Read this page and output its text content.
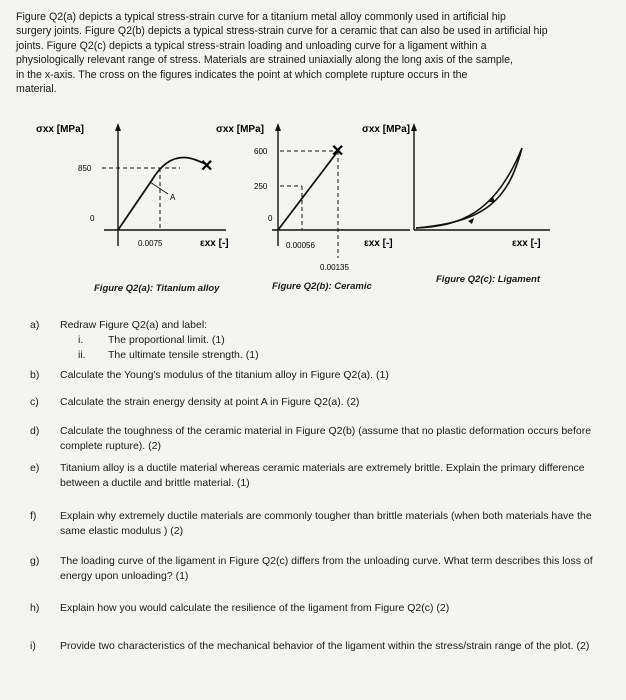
Figure Q2(a) depicts a typical stress-strain curve for a titanium metal alloy commonly used in artificial hip
surgery joints. Figure Q2(b) depicts a typical stress-strain curve for a ceramic that can also be used in artificial hip
joints. Figure Q2(c) depicts a typical stress-strain loading and unloading curve for a ligament within a
physiologically relevant range of stress. Materials are strained uniaxially along the long axis of the sample,
in the x-axis. The cross on the figures indicates the point at which complete rupture occurs in the
material.
σxx [MPa]
0
850	✕
A
0.0075	εxx [-]
Figure Q2(a): Titanium alloy
σxx [MPa]
0
600
250
✕
0.00056
0.00135
εxx [-]
Figure Q2(b): Ceramic
σxx [MPa]
εxx [-]
Figure Q2(c): Ligament
a) Redraw Figure Q2(a) and label:
i. The proportional limit. (1)
ii. The ultimate tensile strength. (1)
b) Calculate the Young's modulus of the titanium alloy in Figure Q2(a). (1)
c) Calculate the strain energy density at point A in Figure Q2(a). (2)
d) Calculate the toughness of the ceramic material in Figure Q2(b) (assume that no plastic deformation occurs before complete rupture). (2)
e) Titanium alloy is a ductile material whereas ceramic materials are extremely brittle. Explain the primary difference between a ductile and brittle material. (1)
f) Explain why extremely ductile materials are commonly tougher than brittle materials (when both materials have the same elastic modulus ) (2)
g) The loading curve of the ligament in Figure Q2(c) differs from the unloading curve. What term describes this loss of energy upon unloading? (1)
h) Explain how you would calculate the resilience of the ligament from Figure Q2(c) (2)
i) Provide two characteristics of the mechanical behavior of the ligament within the stress/strain range of the plot. (2)
